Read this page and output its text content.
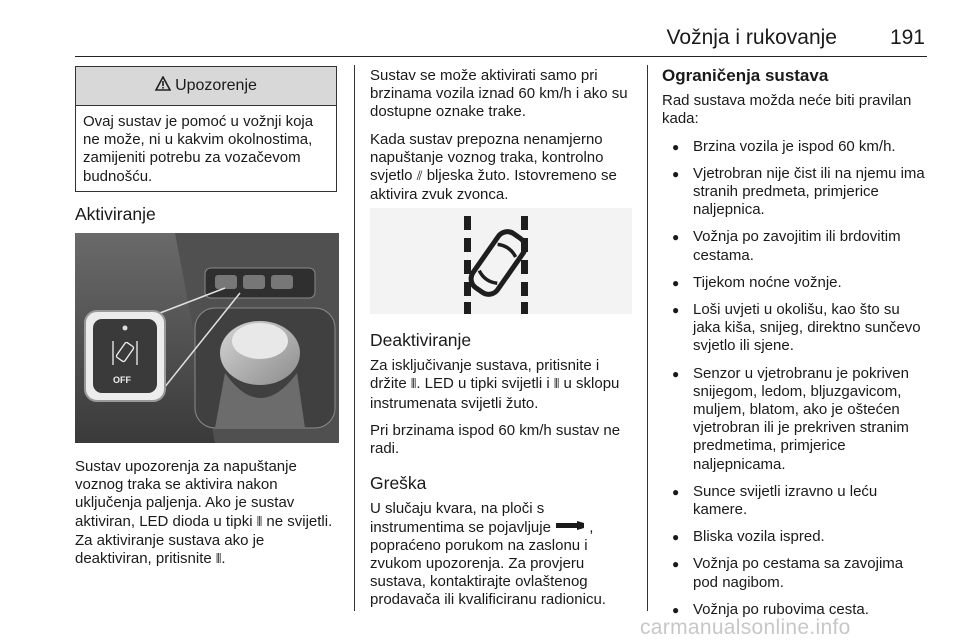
Vožnja i rukovanje	191
Upozorenje
Ovaj sustav je pomoć u vožnji koja ne može, ni u kakvim okolnostima, zamijeniti potrebu za vozačevom budnošću.
Aktiviranje
OFF

Sustav upozorenja za napuštanje voznog traka se aktivira nakon uključenja paljenja. Ako je sustav aktiviran, LED dioda u tipki ⫴ ne svijetli. Za aktiviranje sustava ako je deaktiviran, pritisnite ⫴.

Sustav se može aktivirati samo pri brzinama vozila iznad 60 km/h i ako su dostupne oznake trake.

Kada sustav prepozna nenamjerno napuštanje voznog traka, kontrolno svjetlo ⫽ bljeska žuto. Istovremeno se aktivira zvuk zvonca.

Deaktiviranje

Za isključivanje sustava, pritisnite i držite ⫴. LED u tipki svijetli i ⫴ u sklopu instrumenata svijetli žuto.

Pri brzinama ispod 60 km/h sustav ne radi.

Greška

U slučaju kvara, na ploči s instrumentima se pojavljuje	, popraćeno porukom na zaslonu i zvukom upozorenja. Za provjeru sustava, kontaktirajte ovlaštenog prodavača ili kvalificiranu radionicu.

Ograničenja sustava

Rad sustava možda neće biti pravilan kada:

● Brzina vozila je ispod 60 km/h.
● Vjetrobran nije čist ili na njemu ima stranih predmeta, primjerice naljepnica.
● Vožnja po zavojitim ili brdovitim cestama.
● Tijekom noćne vožnje.
● Loši uvjeti u okolišu, kao što su jaka kiša, snijeg, direktno sunčevo svjetlo ili sjene.
● Senzor u vjetrobranu je pokriven snijegom, ledom, bljuzgavicom, muljem, blatom, ako je oštećen vjetrobran ili je prekriven stranim predmetima, primjerice naljepnicama.
● Sunce svijetli izravno u leću kamere.
● Bliska vozila ispred.
● Vožnja po cestama sa zavojima pod nagibom.
● Vožnja po rubovima cesta.
carmanualsonline.info
